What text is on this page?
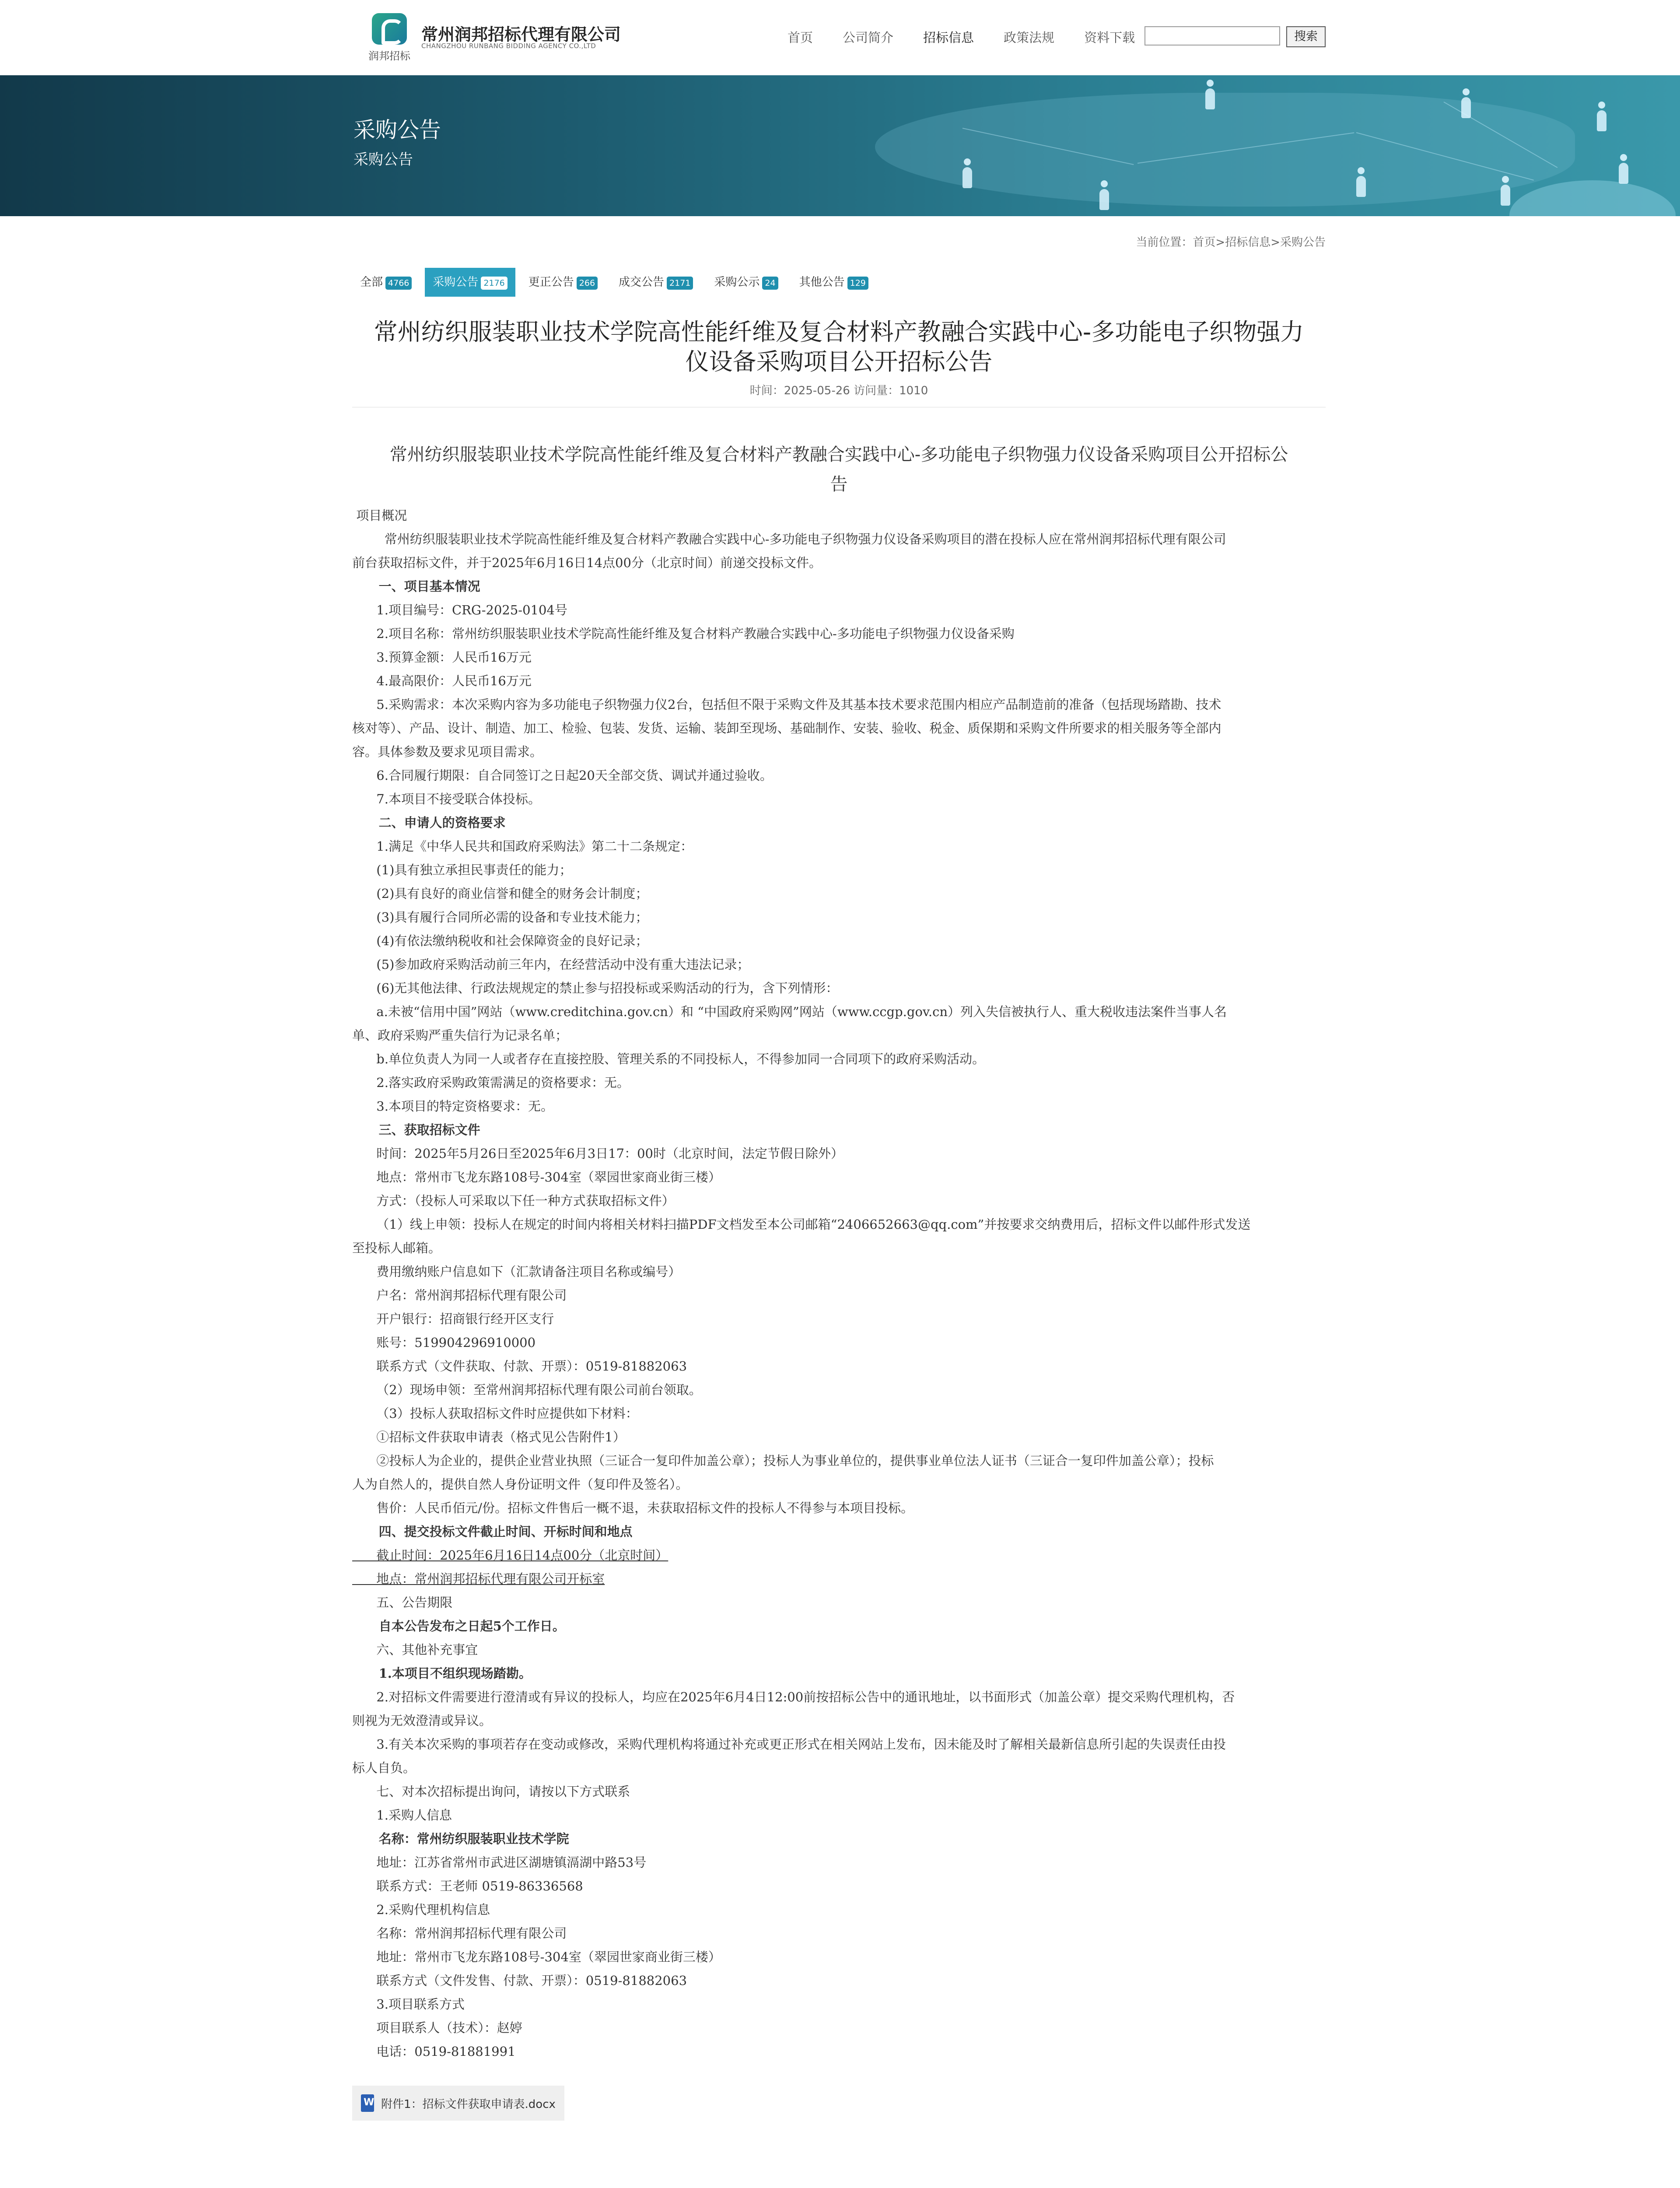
润邦招标
常州润邦招标代理有限公司
CHANGZHOU RUNBANG BIDDING AGENCY CO.,LTD
首页 公司简介 招标信息 政策法规 资料下载	搜索
采购公告
采购公告
当前位置：首页>招标信息>采购公告
全部 4766	采购公告 2176	更正公告 266	成交公告 2171	采购公示 24	其他公告 129
常州纺织服装职业技术学院高性能纤维及复合材料产教融合实践中心-多功能电子织物强力
仪设备采购项目公开招标公告
时间：2025-05-26 访问量：1010
常州纺织服装职业技术学院高性能纤维及复合材料产教融合实践中心-多功能电子织物强力仪设备采购项目公开招标公
告

项目概况

常州纺织服装职业技术学院高性能纤维及复合材料产教融合实践中心-多功能电子织物强力仪设备采购项目的潜在投标人应在常州润邦招标代理有限公司

前台获取招标文件，并于2025年6月16日14点00分（北京时间）前递交投标文件。

一、项目基本情况

1.项目编号：CRG-2025-0104号

2.项目名称：常州纺织服装职业技术学院高性能纤维及复合材料产教融合实践中心-多功能电子织物强力仪设备采购

3.预算金额：人民币16万元

4.最高限价：人民币16万元

5.采购需求：本次采购内容为多功能电子织物强力仪2台，包括但不限于采购文件及其基本技术要求范围内相应产品制造前的准备（包括现场踏勘、技术

核对等）、产品、设计、制造、加工、检验、包装、发货、运输、装卸至现场、基础制作、安装、验收、税金、质保期和采购文件所要求的相关服务等全部内

容。具体参数及要求见项目需求。

6.合同履行期限：自合同签订之日起20天全部交货、调试并通过验收。

7.本项目不接受联合体投标。

二、申请人的资格要求

1.满足《中华人民共和国政府采购法》第二十二条规定：

(1)具有独立承担民事责任的能力；

(2)具有良好的商业信誉和健全的财务会计制度；

(3)具有履行合同所必需的设备和专业技术能力；

(4)有依法缴纳税收和社会保障资金的良好记录；

(5)参加政府采购活动前三年内，在经营活动中没有重大违法记录；

(6)无其他法律、行政法规规定的禁止参与招投标或采购活动的行为，含下列情形：

a.未被“信用中国”网站（www.creditchina.gov.cn）和 “中国政府采购网”网站（www.ccgp.gov.cn）列入失信被执行人、重大税收违法案件当事人名

单、政府采购严重失信行为记录名单；

b.单位负责人为同一人或者存在直接控股、管理关系的不同投标人，不得参加同一合同项下的政府采购活动。

2.落实政府采购政策需满足的资格要求：无。

3.本项目的特定资格要求：无。

三、获取招标文件

时间：2025年5月26日至2025年6月3日17：00时（北京时间，法定节假日除外）

地点：常州市飞龙东路108号-304室（翠园世家商业街三楼）

方式：（投标人可采取以下任一种方式获取招标文件）

（1）线上申领：投标人在规定的时间内将相关材料扫描PDF文档发至本公司邮箱“2406652663@qq.com”并按要求交纳费用后，招标文件以邮件形式发送

至投标人邮箱。

费用缴纳账户信息如下（汇款请备注项目名称或编号）

户名：常州润邦招标代理有限公司

开户银行：招商银行经开区支行

账号：519904296910000

联系方式（文件获取、付款、开票）：0519-81882063

（2）现场申领：至常州润邦招标代理有限公司前台领取。

（3）投标人获取招标文件时应提供如下材料：

①招标文件获取申请表（格式见公告附件1）

②投标人为企业的，提供企业营业执照（三证合一复印件加盖公章）；投标人为事业单位的，提供事业单位法人证书（三证合一复印件加盖公章）；投标

人为自然人的，提供自然人身份证明文件（复印件及签名）。

售价：人民币佰元/份。招标文件售后一概不退，未获取招标文件的投标人不得参与本项目投标。

四、提交投标文件截止时间、开标时间和地点

截止时间：2025年6月16日14点00分（北京时间）

地点：常州润邦招标代理有限公司开标室

五、公告期限

自本公告发布之日起5个工作日。

六、其他补充事宜

1.本项目不组织现场踏勘。

2.对招标文件需要进行澄清或有异议的投标人，均应在2025年6月4日12:00前按招标公告中的通讯地址，以书面形式（加盖公章）提交采购代理机构，否

则视为无效澄清或异议。

3.有关本次采购的事项若存在变动或修改，采购代理机构将通过补充或更正形式在相关网站上发布，因未能及时了解相关最新信息所引起的失误责任由投

标人自负。

七、对本次招标提出询问，请按以下方式联系

1.采购人信息

名称：常州纺织服装职业技术学院

地址：江苏省常州市武进区湖塘镇滆湖中路53号

联系方式：王老师 0519-86336568

2.采购代理机构信息

名称：常州润邦招标代理有限公司

地址：常州市飞龙东路108号-304室（翠园世家商业街三楼）

联系方式（文件发售、付款、开票）：0519-81882063

3.项目联系方式

项目联系人（技术）：赵婷

电话：0519-81881991

W
附件1：招标文件获取申请表.docx
